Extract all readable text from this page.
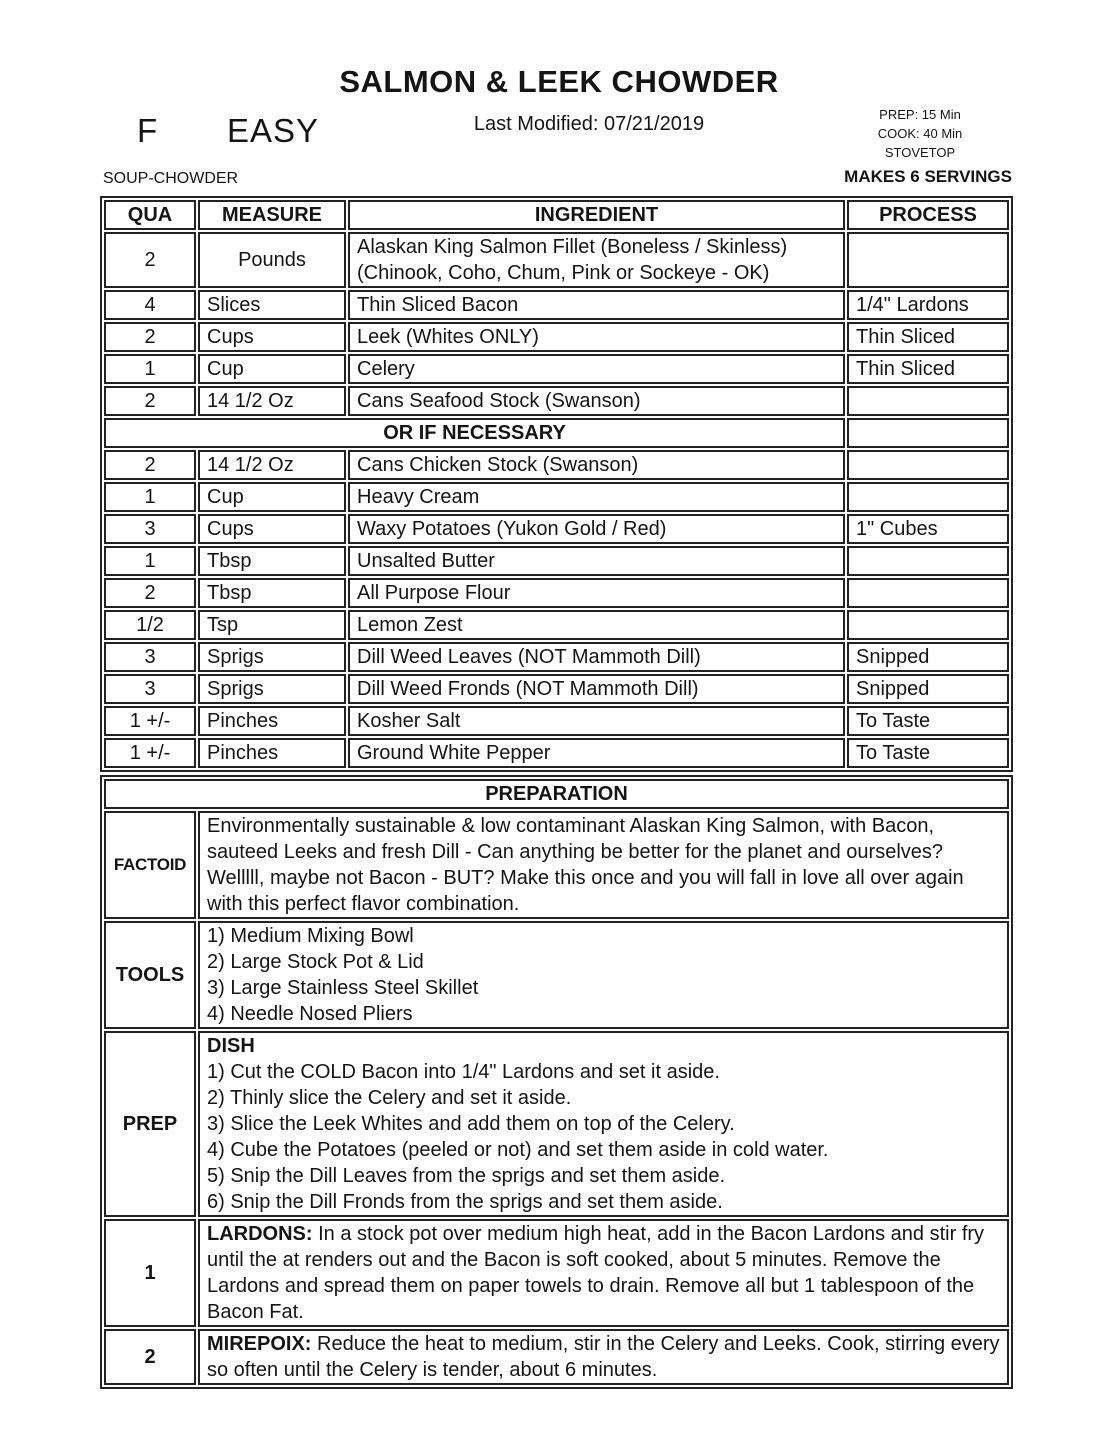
SALMON & LEEK CHOWDER
F EASY	Last Modified: 07/21/2019	PREP: 15 Min
COOK: 40 Min
STOVETOP
SOUP-CHOWDER	MAKES 6 SERVINGS
QUA	MEASURE	INGREDIENT	PROCESS
2	Pounds	Alaskan King Salmon Fillet (Boneless / Skinless)
(Chinook, Coho, Chum, Pink or Sockeye - OK)	

4	Slices	Thin Sliced Bacon	1/4" Lardons
2	Cups	Leek (Whites ONLY)	Thin Sliced
1	Cup	Celery	Thin Sliced
2	14 1/2 Oz	Cans Seafood Stock (Swanson)	
OR IF NECESSARY			
2	14 1/2 Oz	Cans Chicken Stock (Swanson)	
1	Cup	Heavy Cream	
3	Cups	Waxy Potatoes (Yukon Gold / Red)	1" Cubes
1	Tbsp	Unsalted Butter	
2	Tbsp	All Purpose Flour	
1/2	Tsp	Lemon Zest	
3	Sprigs	Dill Weed Leaves (NOT Mammoth Dill)	Snipped
3	Sprigs	Dill Weed Fronds (NOT Mammoth Dill)	Snipped
1 +/-	Pinches	Kosher Salt	To Taste
1 +/-	Pinches	Ground White Pepper	To Taste
PREPARATION	
FACTOID	Environmentally sustainable & low contaminant Alaskan King Salmon, with Bacon, sauteed Leeks and fresh Dill - Can anything be better for the planet and ourselves? Welllll, maybe not Bacon - BUT? Make this once and you will fall in love all over again with this perfect flavor combination.

TOOLS	1) Medium Mixing Bowl
2) Large Stock Pot & Lid
3) Large Stainless Steel Skillet
4) Needle Nosed Pliers

PREP	
DISH
1) Cut the COLD Bacon into 1/4" Lardons and set it aside.
2) Thinly slice the Celery and set it aside.
3) Slice the Leek Whites and add them on top of the Celery.
4) Cube the Potatoes (peeled or not) and set them aside in cold water.
5) Snip the Dill Leaves from the sprigs and set them aside.
6) Snip the Dill Fronds from the sprigs and set them aside.

1	LARDONS: In a stock pot over medium high heat, add in the Bacon Lardons and stir fry until the at renders out and the Bacon is soft cooked, about 5 minutes. Remove the Lardons and spread them on paper towels to drain. Remove all but 1 tablespoon of the Bacon Fat.

2	MIREPOIX: Reduce the heat to medium, stir in the Celery and Leeks. Cook, stirring every so often until the Celery is tender, about 6 minutes.
